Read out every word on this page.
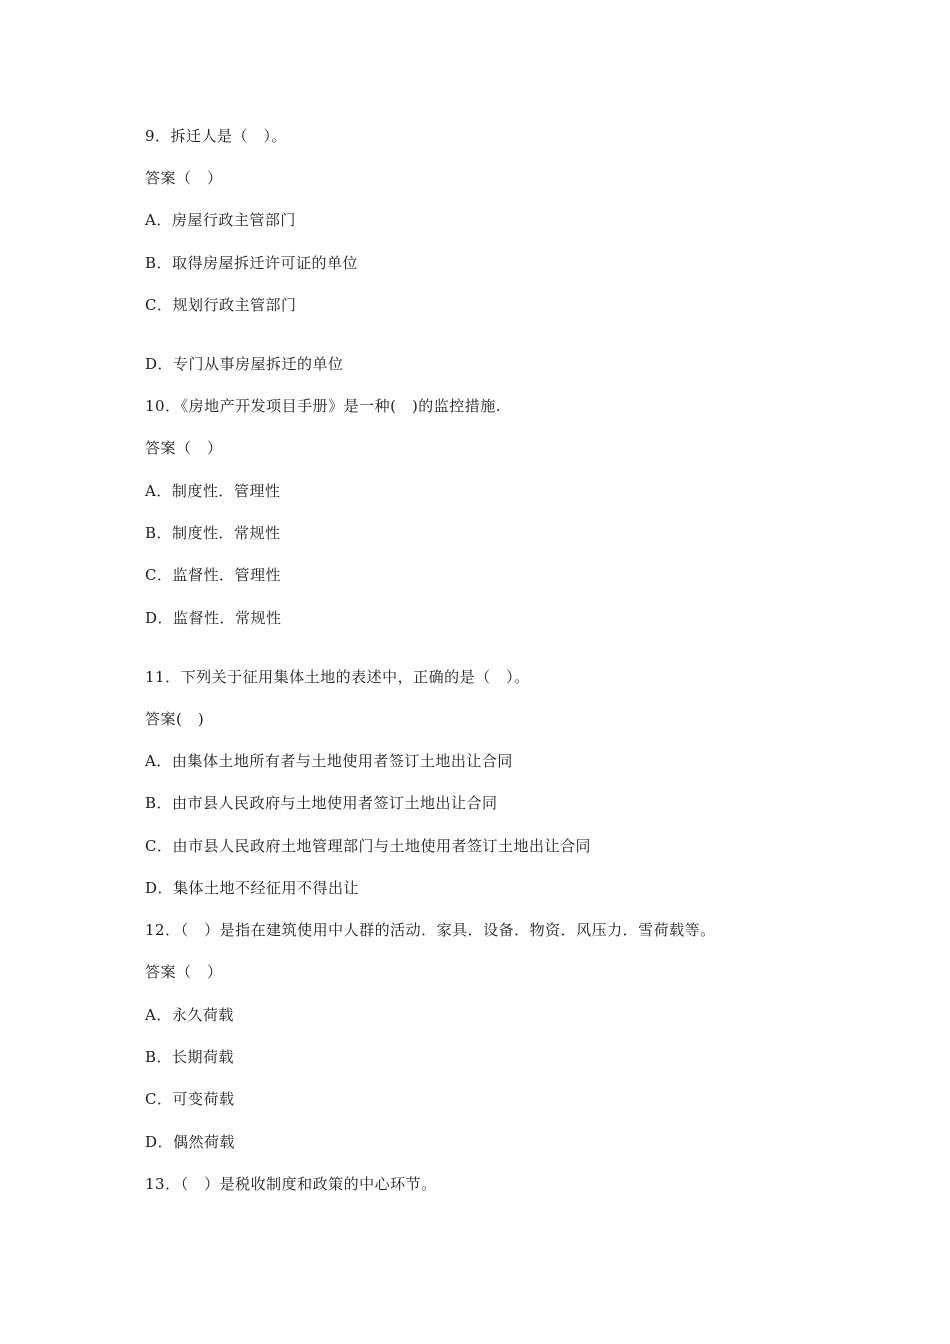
9．拆迁人是（　）。
答案（　）
A．房屋行政主管部门
B．取得房屋拆迁许可证的单位
C．规划行政主管部门
D．专门从事房屋拆迁的单位
10．《房地产开发项目手册》是一种(　)的监控措施.
答案（　）
A．制度性．管理性
B．制度性．常规性
C．监督性．管理性
D．监督性．常规性
11．下列关于征用集体土地的表述中，正确的是（　）。
答案(　)
A．由集体土地所有者与土地使用者签订土地出让合同
B．由市县人民政府与土地使用者签订土地出让合同
C．由市县人民政府土地管理部门与土地使用者签订土地出让合同
D．集体土地不经征用不得出让
12．（　）是指在建筑使用中人群的活动．家具．设备．物资．风压力．雪荷载等。
答案（　）
A．永久荷载
B．长期荷载
C．可变荷载
D．偶然荷载
13．（　）是税收制度和政策的中心环节。
